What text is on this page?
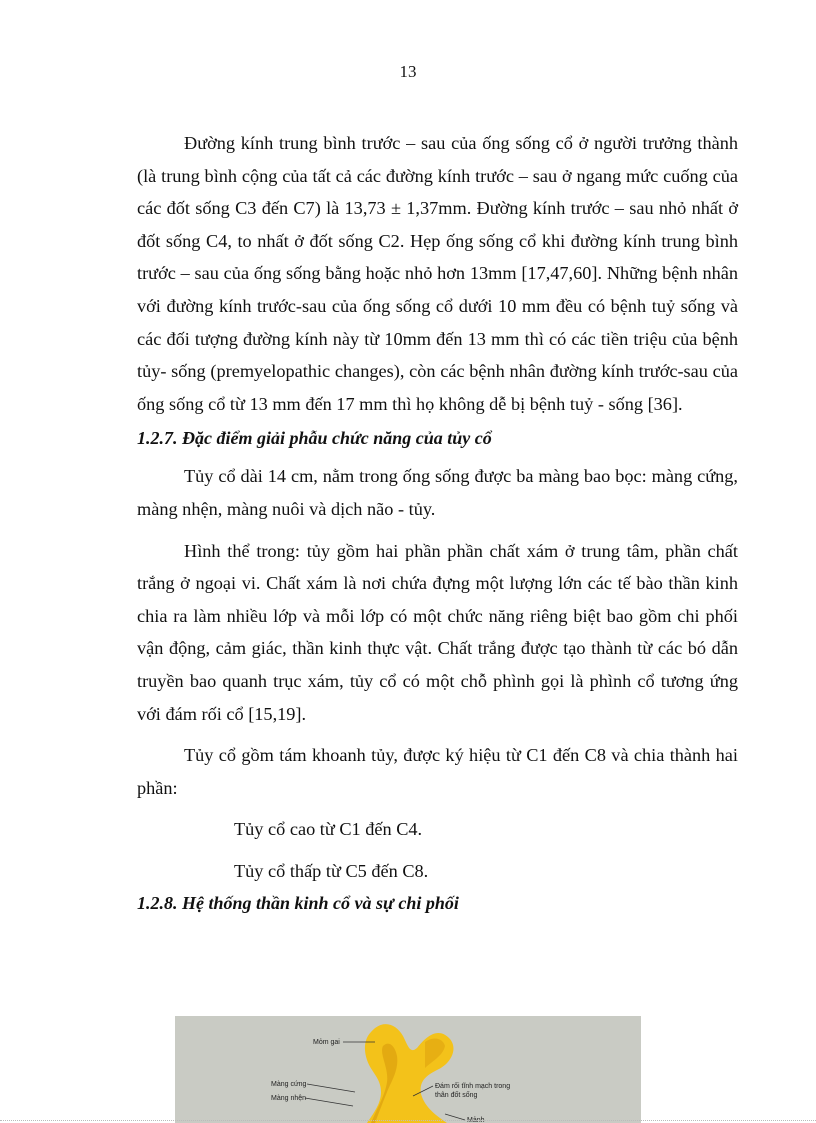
13

Đường kính trung bình trước – sau của ống sống cổ ở người trưởng thành (là trung bình cộng của tất cả các đường kính trước – sau ở ngang mức cuống của các đốt sống C3 đến C7) là 13,73 ± 1,37mm. Đường kính trước – sau nhỏ nhất ở đốt sống C4, to nhất ở đốt sống C2. Hẹp ống sống cổ khi đường kính trung bình trước – sau của ống sống bằng hoặc nhỏ hơn 13mm [17,47,60]. Những bệnh nhân với đường kính trước-sau của ống sống cổ dưới 10 mm đều có bệnh tuỷ sống và các đối tượng đường kính này từ 10mm đến 13 mm thì có các tiền triệu của bệnh tủy- sống (premyelopathic changes), còn các bệnh nhân đường kính trước-sau của ống sống cổ từ 13 mm đến 17 mm thì họ không dễ bị bệnh tuỷ - sống [36].

1.2.7. Đặc điểm giải phẫu chức năng của tủy cổ

Tủy cổ dài 14 cm, nằm trong ống sống được ba màng bao bọc: màng cứng, màng nhện, màng nuôi và dịch não - tủy.

Hình thể trong: tủy gồm hai phần phần chất xám ở trung tâm, phần chất trắng ở ngoại vi. Chất xám là nơi chứa đựng một lượng lớn các tế bào thần kinh chia ra làm nhiều lớp và mỗi lớp có một chức năng riêng biệt bao gồm chi phối vận động, cảm giác, thần kinh thực vật. Chất trắng được tạo thành từ các bó dẫn truyền bao quanh trục xám, tủy cổ có một chỗ phình gọi là phình cổ tương ứng với đám rối cổ [15,19].

Tủy cổ gồm tám khoanh tủy, được ký hiệu từ C1 đến C8 và chia thành hai phần:

Tủy cổ cao từ C1 đến C4.

Tủy cổ thấp từ C5 đến C8.

1.2.8. Hệ thống thần kinh cổ và sự chi phối
Mỏm gai
Đám rối tĩnh mạch trong
thân đốt sống
Màng cứng
Màng nhện
Mảnh
